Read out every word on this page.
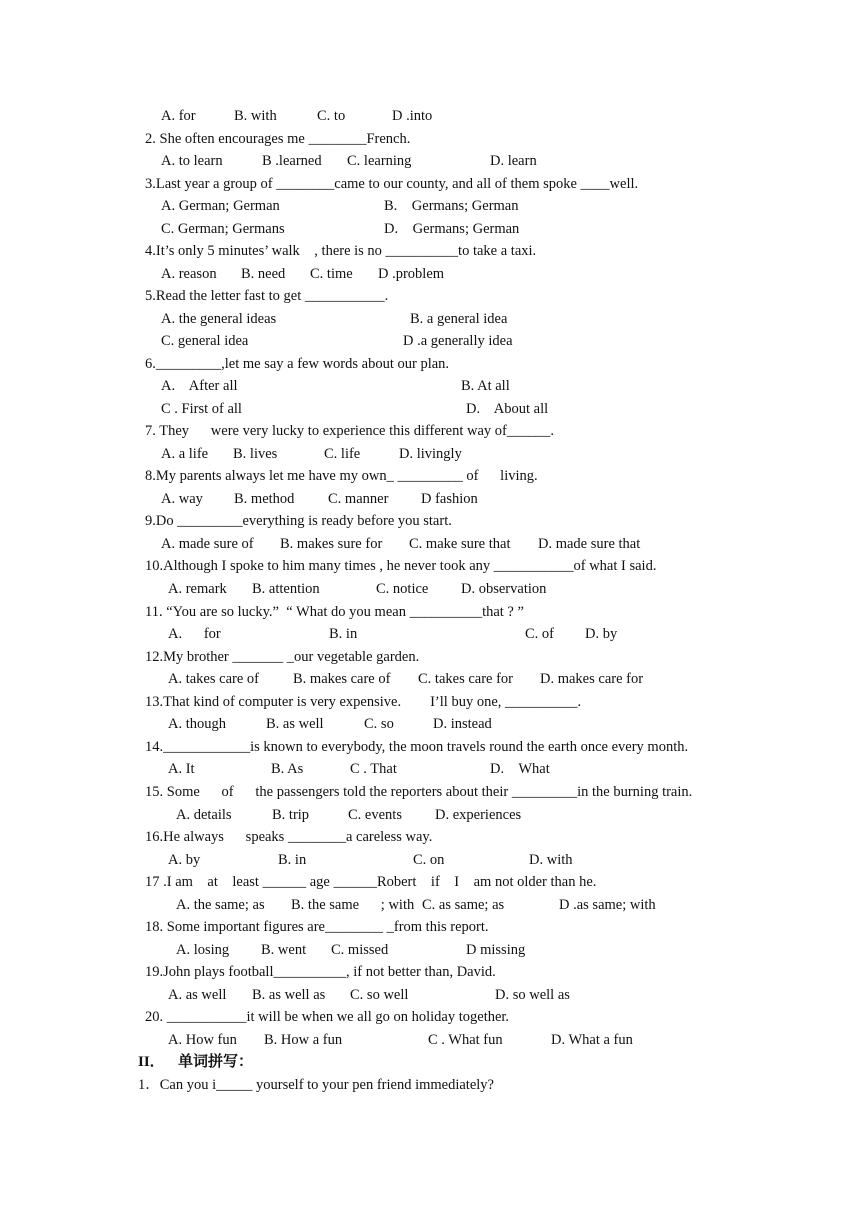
A. for	B. with	C. to	D .into
2. She often encourages me ________French.
A. to learn	B .learned C. learning	D. learn
3.Last year a group of ________came to our county, and all of them spoke ____well.
A. German; German	B.    Germans; German
C. German; Germans	D.    Germans; German
4.It’s only 5 minutes’ walk    , there is no __________to take a taxi.
A. reason B. need C. time D .problem
5.Read the letter fast to get ___________.
A. the general ideas	B. a general idea
C. general idea	D .a generally idea
6._________,let me say a few words about our plan.
A.    After all	B. At all
C . First of all	D.    About all
7. They      were very lucky to experience this different way of______.
A. a life B. lives	C. life	D. livingly
8.My parents always let me have my own_ _________ of      living.
A. way B. method C. manner D fashion
9.Do _________everything is ready before you start.
A. made sure of B. makes sure for C. make sure that D. made sure that
10.Although I spoke to him many times , he never took any ___________of what I said.
A. remark B. attention	C. notice D. observation
11. “You are so lucky.”  “ What do you mean __________that ? ”
A.      for	B. in	C. of D. by
12.My brother _______ _our vegetable garden.
A. takes care of B. makes care of C. takes care for D. makes care for
13.That kind of computer is very expensive.        I’ll buy one, __________.
A. though	B. as well	C. so	D. instead
14.____________is known to everybody, the moon travels round the earth once every month.
A. It	B. As	C . That	D.    What
15. Some      of      the passengers told the reporters about their _________in the burning train.
A. details	B. trip	C. events D. experiences
16.He always      speaks ________a careless way.
A. by	B. in	C. on	D. with
17 .I am    at    least ______ age ______Robert    if    I    am not older than he.
A. the same; as B. the same      ; with C. as same; as	D .as same; with
18. Some important figures are________ _from this report.
A. losing B. went C. missed	D missing
19.John plays football__________, if not better than, David.
A. as well B. as well as C. so well	D. so well as
20. ___________it will be when we all go on holiday together.
A. How fun B. How a fun	C . What fun	D. What a fun
II． 单词拼写：
1．Can you i_____ yourself to your pen friend immediately?
